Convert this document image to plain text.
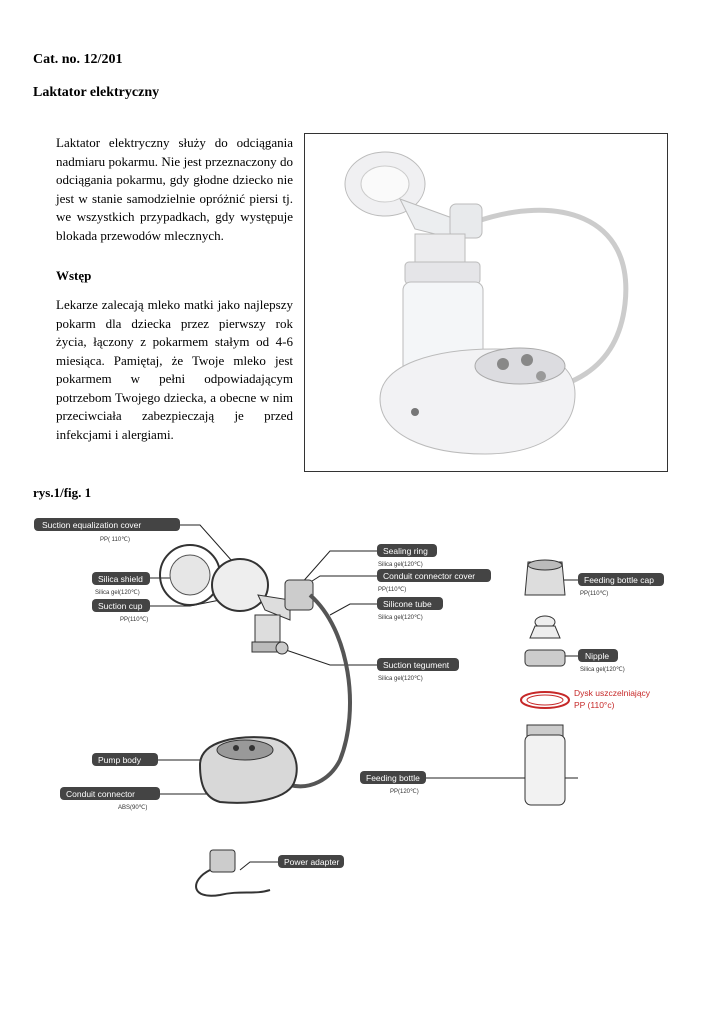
Cat. no. 12/201
Laktator elektryczny

Laktator elektryczny służy do odciągania nadmiaru pokarmu. Nie jest przeznaczony do odciągania pokarmu, gdy głodne dziecko nie jest w stanie samodzielnie opróżnić piersi tj. we wszystkich przypadkach, gdy występuje blokada przewodów mlecznych.

Wstęp

Lekarze zalecają mleko matki jako najlepszy pokarm dla dziecka przez pierwszy rok życia, łączony z pokarmem stałym od 4-6 miesiąca. Pamiętaj, że Twoje mleko jest pokarmem w pełni odpowiadającym potrzebom Twojego dziecka, a obecne w nim przeciwciała zabezpieczają je przed infekcjami i alergiami.

rys.1/fig. 1
Suction equalization cover
PP( 110℃)
Silica shield
Silica gel(120℃)
Suction cup
PP(110℃)
Sealing ring
Silica gel(120℃)
Conduit connector cover
PP(110℃)
Silicone tube
Silica gel(120℃)
Suction tegument
Silica gel(120℃)
Pump body
Conduit connector
ABS(90℃)
Power adapter
Feeding bottle cap
PP(110℃)
Nipple
Silica gel(120℃)
Dysk uszczelniający
PP (110°c)
Feeding bottle
PP(120℃)
